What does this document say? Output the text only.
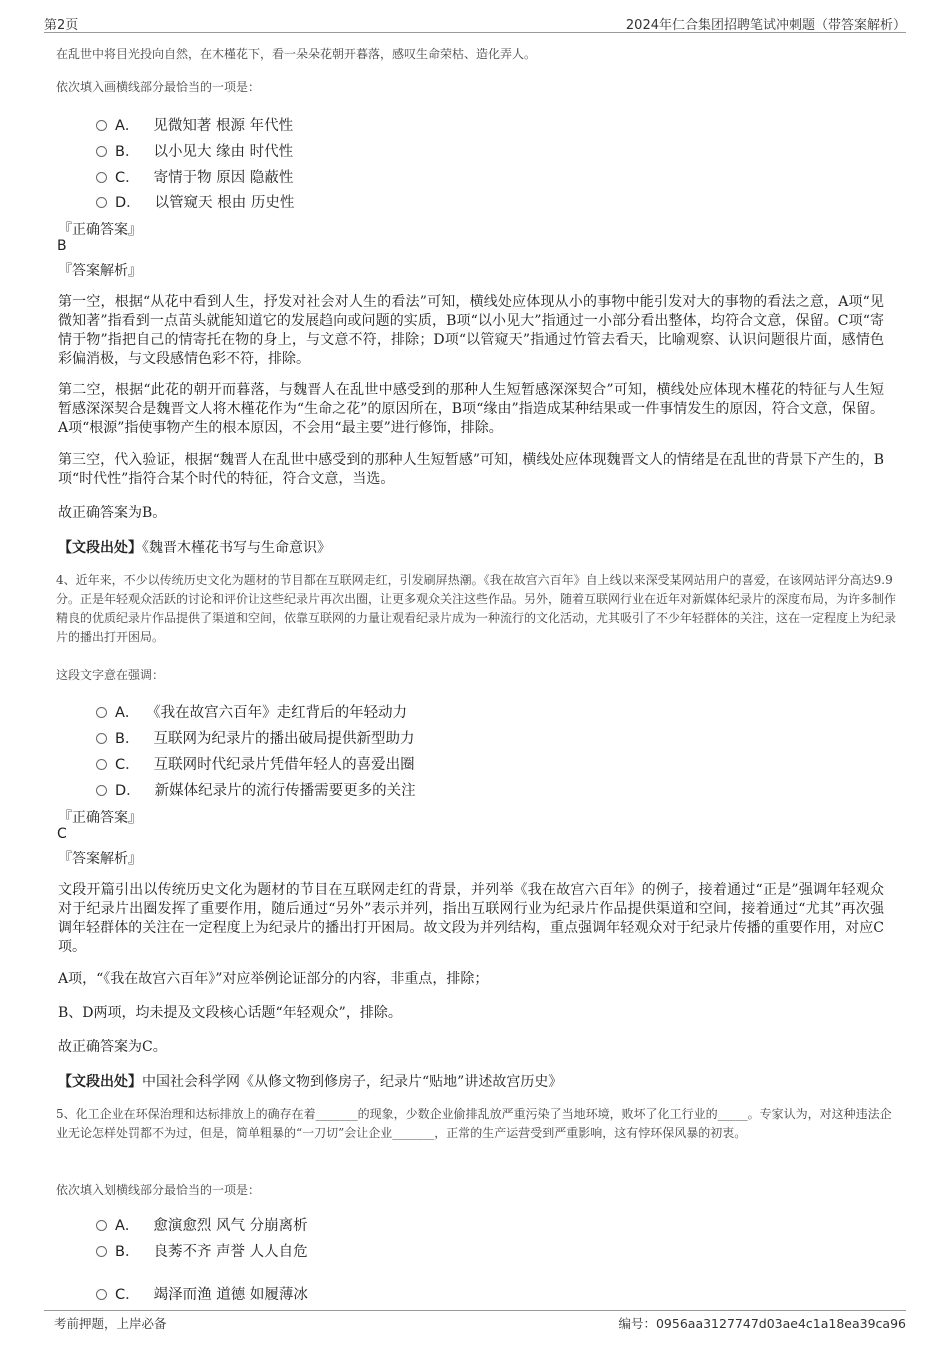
第2页	2024年仁合集团招聘笔试冲刺题（带答案解析）
在乱世中将目光投向自然，在木槿花下，看一朵朵花朝开暮落，感叹生命荣枯、造化弄人。
依次填入画横线部分最恰当的一项是：
A． 见微知著 根源 年代性
B． 以小见大 缘由 时代性
C． 寄情于物 原因 隐蔽性
D． 以管窥天 根由 历史性
『正确答案』
B
『答案解析』
第一空，根据“从花中看到人生，抒发对社会对人生的看法”可知，横线处应体现从小的事物中能引发对大的事物的看法之意，A项“见微知著”指看到一点苗头就能知道它的发展趋向或问题的实质，B项“以小见大”指通过一小部分看出整体，均符合文意，保留。C项“寄情于物”指把自己的情寄托在物的身上，与文意不符，排除；D项“以管窥天”指通过竹管去看天，比喻观察、认识问题很片面，感情色彩偏消极，与文段感情色彩不符，排除。
第二空，根据“此花的朝开而暮落，与魏晋人在乱世中感受到的那种人生短暂感深深契合”可知，横线处应体现木槿花的特征与人生短暂感深深契合是魏晋文人将木槿花作为“生命之花”的原因所在，B项“缘由”指造成某种结果或一件事情发生的原因，符合文意，保留。A项“根源”指使事物产生的根本原因，不会用“最主要”进行修饰，排除。
第三空，代入验证，根据“魏晋人在乱世中感受到的那种人生短暂感”可知，横线处应体现魏晋文人的情绪是在乱世的背景下产生的，B项“时代性”指符合某个时代的特征，符合文意，当选。
故正确答案为B。
【文段出处】《魏晋木槿花书写与生命意识》
4、近年来，不少以传统历史文化为题材的节目都在互联网走红，引发刷屏热潮。《我在故宫六百年》自上线以来深受某网站用户的喜爱，在该网站评分高达9.9分。正是年轻观众活跃的讨论和评价让这些纪录片再次出圈，让更多观众关注这些作品。另外，随着互联网行业在近年对新媒体纪录片的深度布局，为许多制作精良的优质纪录片作品提供了渠道和空间，依靠互联网的力量让观看纪录片成为一种流行的文化活动，尤其吸引了不少年轻群体的关注，这在一定程度上为纪录片的播出打开困局。
这段文字意在强调：
A． 《我在故宫六百年》走红背后的年轻动力
B． 互联网为纪录片的播出破局提供新型助力
C． 互联网时代纪录片凭借年轻人的喜爱出圈
D． 新媒体纪录片的流行传播需要更多的关注
『正确答案』
C
『答案解析』
文段开篇引出以传统历史文化为题材的节目在互联网走红的背景，并列举《我在故宫六百年》的例子，接着通过“正是”强调年轻观众对于纪录片出圈发挥了重要作用，随后通过“另外”表示并列，指出互联网行业为纪录片作品提供渠道和空间，接着通过“尤其”再次强调年轻群体的关注在一定程度上为纪录片的播出打开困局。故文段为并列结构，重点强调年轻观众对于纪录片传播的重要作用，对应C项。
A项，“《我在故宫六百年》”对应举例论证部分的内容，非重点，排除；
B、D两项，均未提及文段核心话题“年轻观众”，排除。
故正确答案为C。
【文段出处】中国社会科学网《从修文物到修房子，纪录片“贴地”讲述故宫历史》
5、化工企业在环保治理和达标排放上的确存在着_______的现象，少数企业偷排乱放严重污染了当地环境，败坏了化工行业的_____。专家认为，对这种违法企业无论怎样处罚都不为过，但是，简单粗暴的“一刀切”会让企业_______，正常的生产运营受到严重影响，这有悖环保风暴的初衷。
依次填入划横线部分最恰当的一项是：
A． 愈演愈烈 风气 分崩离析
B． 良莠不齐 声誉 人人自危
C． 竭泽而渔 道德 如履薄冰
考前押题，上岸必备	编号：0956aa3127747d03ae4c1a18ea39ca96
